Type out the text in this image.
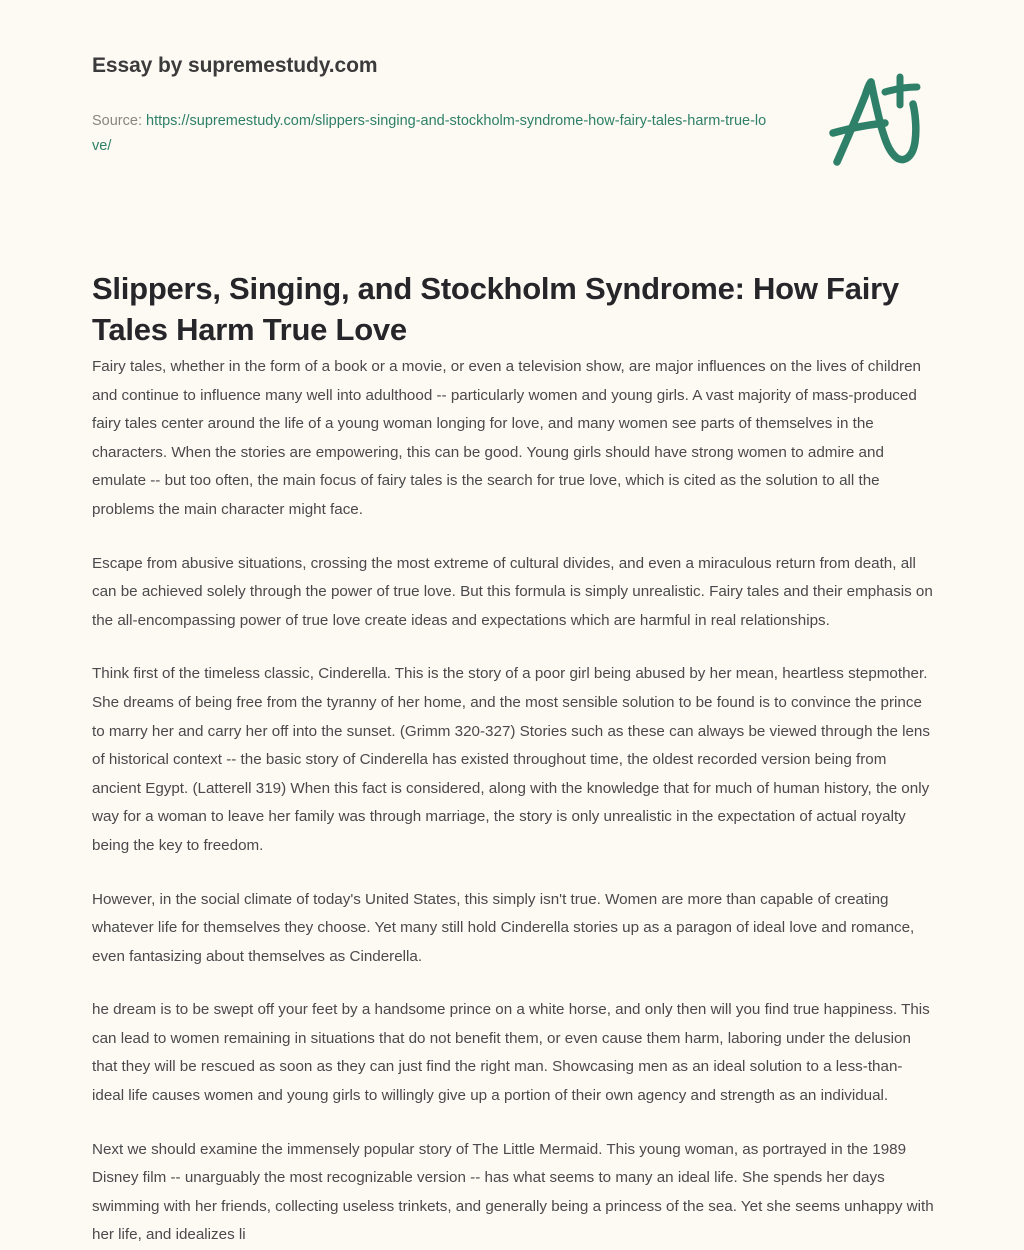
Essay by supremestudy.com
Source: https://supremestudy.com/slippers-singing-and-stockholm-syndrome-how-fairy-tales-harm-true-love/
Slippers, Singing, and Stockholm Syndrome: How Fairy Tales Harm True Love

Fairy tales, whether in the form of a book or a movie, or even a television show, are major influences on the lives of children and continue to influence many well into adulthood -- particularly women and young girls. A vast majority of mass-produced fairy tales center around the life of a young woman longing for love, and many women see parts of themselves in the characters. When the stories are empowering, this can be good. Young girls should have strong women to admire and emulate -- but too often, the main focus of fairy tales is the search for true love, which is cited as the solution to all the problems the main character might face.

Escape from abusive situations, crossing the most extreme of cultural divides, and even a miraculous return from death, all can be achieved solely through the power of true love. But this formula is simply unrealistic. Fairy tales and their emphasis on the all-encompassing power of true love create ideas and expectations which are harmful in real relationships.

Think first of the timeless classic, Cinderella. This is the story of a poor girl being abused by her mean, heartless stepmother. She dreams of being free from the tyranny of her home, and the most sensible solution to be found is to convince the prince to marry her and carry her off into the sunset. (Grimm 320-327) Stories such as these can always be viewed through the lens of historical context -- the basic story of Cinderella has existed throughout time, the oldest recorded version being from ancient Egypt. (Latterell 319) When this fact is considered, along with the knowledge that for much of human history, the only way for a woman to leave her family was through marriage, the story is only unrealistic in the expectation of actual royalty being the key to freedom.

However, in the social climate of today's United States, this simply isn't true. Women are more than capable of creating whatever life for themselves they choose. Yet many still hold Cinderella stories up as a paragon of ideal love and romance, even fantasizing about themselves as Cinderella.

he dream is to be swept off your feet by a handsome prince on a white horse, and only then will you find true happiness. This can lead to women remaining in situations that do not benefit them, or even cause them harm, laboring under the delusion that they will be rescued as soon as they can just find the right man. Showcasing men as an ideal solution to a less-than-ideal life causes women and young girls to willingly give up a portion of their own agency and strength as an individual.

Next we should examine the immensely popular story of The Little Mermaid. This young woman, as portrayed in the 1989 Disney film -- unarguably the most recognizable version -- has what seems to many an ideal life. She spends her days swimming with her friends, collecting useless trinkets, and generally being a princess of the sea. Yet she seems unhappy with her life, and idealizes li
